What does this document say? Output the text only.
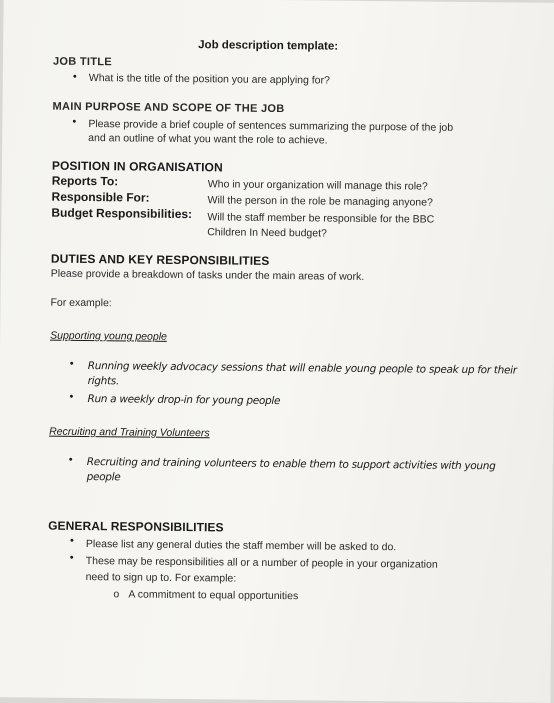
Job description template:
JOB TITLE
• What is the title of the position you are applying for?
MAIN PURPOSE AND SCOPE OF THE JOB
• Please provide a brief couple of sentences summarizing the purpose of the job
and an outline of what you want the role to achieve.
POSITION IN ORGANISATION
Reports To:	Who in your organization will manage this role?
Responsible For:	Will the person in the role be managing anyone?
Budget Responsibilities: Will the staff member be responsible for the BBC
Children In Need budget?
DUTIES AND KEY RESPONSIBILITIES
Please provide a breakdown of tasks under the main areas of work.
For example:
Supporting young people
• Running weekly advocacy sessions that will enable young people to speak up for their
rights.
• Run a weekly drop-in for young people
Recruiting and Training Volunteers
• Recruiting and training volunteers to enable them to support activities with young
people
GENERAL RESPONSIBILITIES
• Please list any general duties the staff member will be asked to do.
• These may be responsibilities all or a number of people in your organization
need to sign up to. For example:
o A commitment to equal opportunities
